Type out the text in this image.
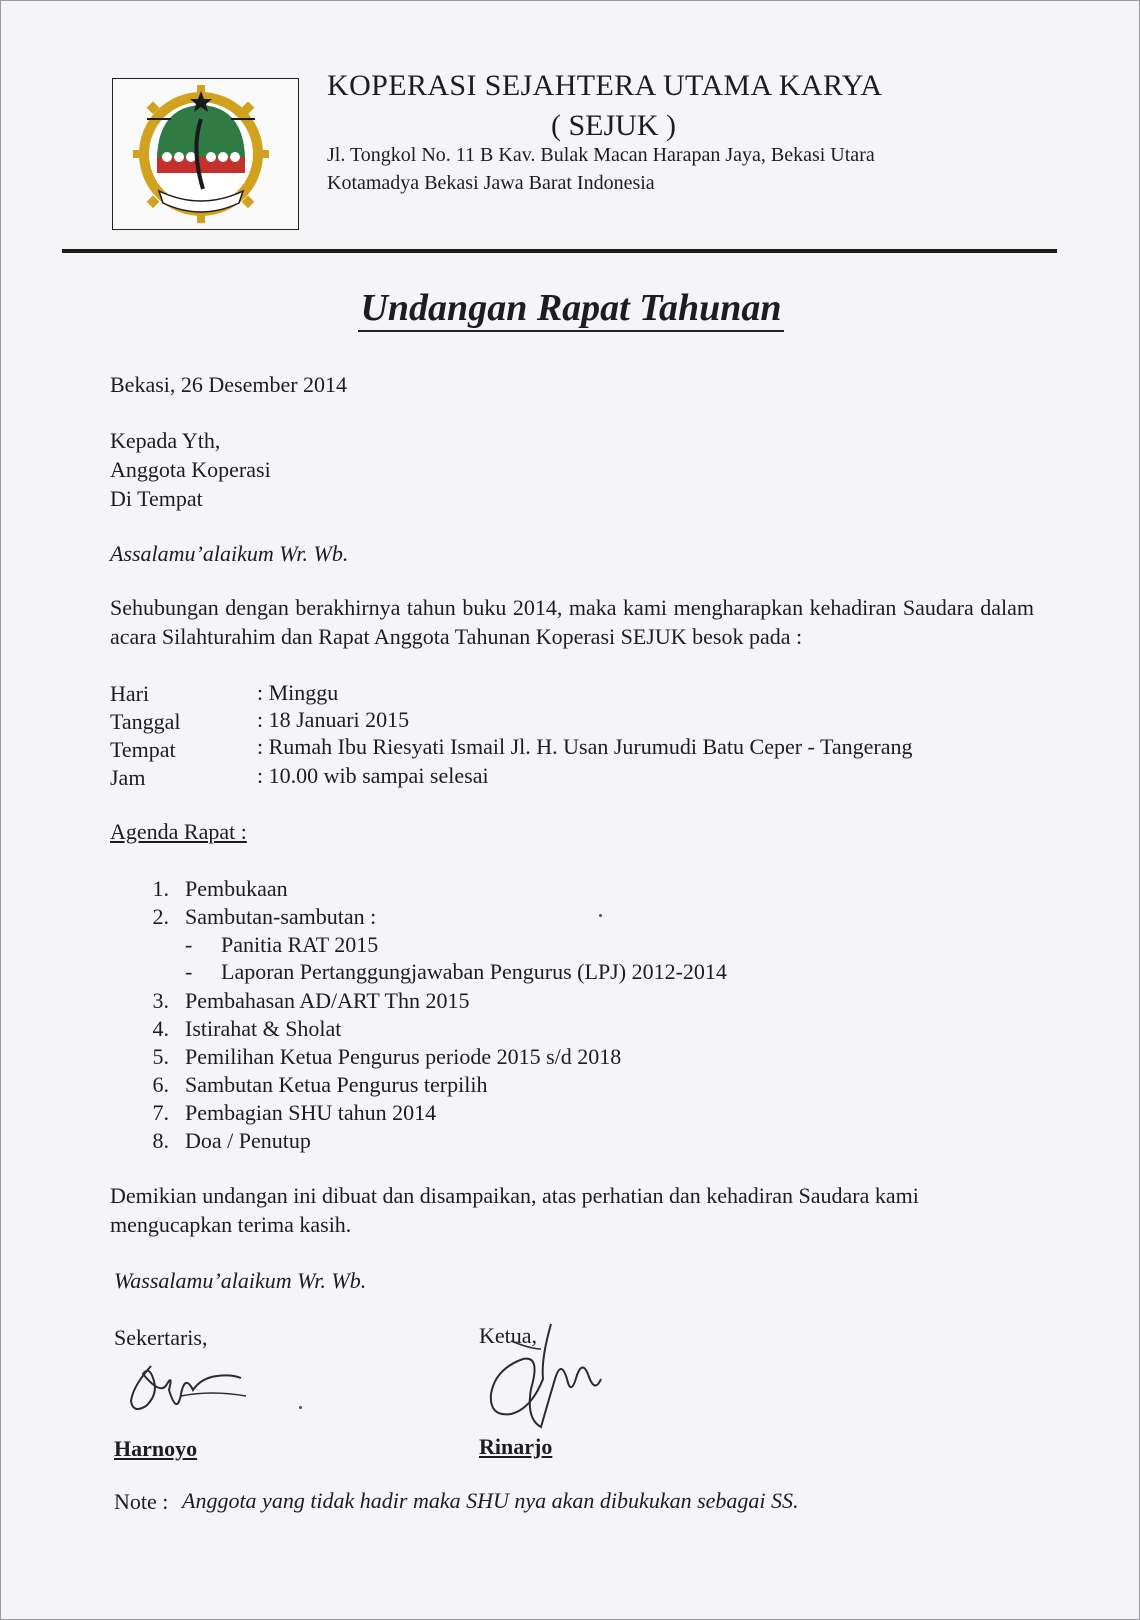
KOPERASI SEJAHTERA UTAMA KARYA
( SEJUK )
Jl. Tongkol No. 11 B Kav. Bulak Macan Harapan Jaya, Bekasi Utara
Kotamadya Bekasi Jawa Barat Indonesia
Undangan Rapat Tahunan
Bekasi, 26 Desember 2014
Kepada Yth,
Anggota Koperasi
Di Tempat
Assalamu’alaikum Wr. Wb.
Sehubungan dengan berakhirnya tahun buku 2014, maka kami mengharapkan kehadiran Saudara dalam acara Silahturahim dan Rapat Anggota Tahunan Koperasi SEJUK besok pada :
Hari	: Minggu
Tanggal	: 18 Januari 2015
Tempat	: Rumah Ibu Riesyati Ismail Jl. H. Usan Jurumudi Batu Ceper - Tangerang
Jam	: 10.00 wib sampai selesai
Agenda Rapat :
1. Pembukaan
2. Sambutan-sambutan :
- Panitia RAT 2015
- Laporan Pertanggungjawaban Pengurus (LPJ) 2012-2014
3. Pembahasan AD/ART Thn 2015
4. Istirahat & Sholat
5. Pemilihan Ketua Pengurus periode 2015 s/d 2018
6. Sambutan Ketua Pengurus terpilih
7. Pembagian SHU tahun 2014
8. Doa / Penutup
Demikian undangan ini dibuat dan disampaikan, atas perhatian dan kehadiran Saudara kami mengucapkan terima kasih.
Wassalamu’alaikum Wr. Wb.
Sekertaris,	Ketua,
Harnoyo	Rinarjo
Note : Anggota yang tidak hadir maka SHU nya akan dibukukan sebagai SS.
